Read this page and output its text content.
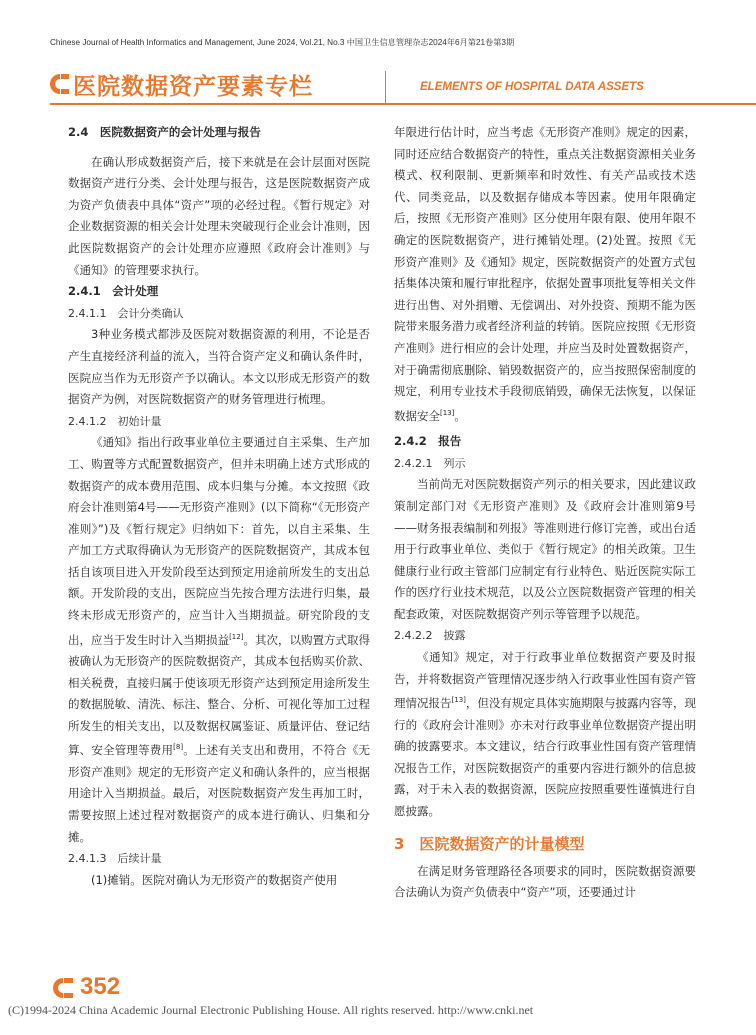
Chinese Journal of Health Informatics and Management, June 2024, Vol.21, No.3 中国卫生信息管理杂志2024年6月第21卷第3期
医院数据资产要素专栏	ELEMENTS OF HOSPITAL DATA ASSETS

2.4　医院数据资产的会计处理与报告

在确认形成数据资产后，接下来就是在会计层面对医院数据资产进行分类、会计处理与报告，这是医院数据资产成为资产负债表中具体“资产”项的必经过程。《暂行规定》对企业数据资源的相关会计处理未突破现行企业会计准则，因此医院数据资产的会计处理亦应遵照《政府会计准则》与《通知》的管理要求执行。

2.4.1　会计处理

2.4.1.1　会计分类确认

3种业务模式都涉及医院对数据资源的利用，不论是否产生直接经济利益的流入，当符合资产定义和确认条件时，医院应当作为无形资产予以确认。本文以形成无形资产的数据资产为例，对医院数据资产的财务管理进行梳理。

2.4.1.2　初始计量

《通知》指出行政事业单位主要通过自主采集、生产加工、购置等方式配置数据资产，但并未明确上述方式形成的数据资产的成本费用范围、成本归集与分摊。本文按照《政府会计准则第4号——无形资产准则》(以下简称“《无形资产准则》”)及《暂行规定》归纳如下：首先，以自主采集、生产加工方式取得确认为无形资产的医院数据资产，其成本包括自该项目进入开发阶段至达到预定用途前所发生的支出总额。开发阶段的支出，医院应当先按合理方法进行归集，最终未形成无形资产的，应当计入当期损益。研究阶段的支出，应当于发生时计入当期损益[12]。其次，以购置方式取得被确认为无形资产的医院数据资产，其成本包括购买价款、相关税费，直接归属于使该项无形资产达到预定用途所发生的数据脱敏、清洗、标注、整合、分析、可视化等加工过程所发生的相关支出，以及数据权属鉴证、质量评估、登记结算、安全管理等费用[8]。上述有关支出和费用，不符合《无形资产准则》规定的无形资产定义和确认条件的，应当根据用途计入当期损益。最后，对医院数据资产发生再加工时，需要按照上述过程对数据资产的成本进行确认、归集和分摊。

2.4.1.3　后续计量

(1)摊销。医院对确认为无形资产的数据资产使用

年限进行估计时，应当考虑《无形资产准则》规定的因素，同时还应结合数据资产的特性，重点关注数据资源相关业务模式、权利限制、更新频率和时效性、有关产品或技术迭代、同类竞品，以及数据存储成本等因素。使用年限确定后，按照《无形资产准则》区分使用年限有限、使用年限不确定的医院数据资产，进行摊销处理。(2)处置。按照《无形资产准则》及《通知》规定，医院数据资产的处置方式包括集体决策和履行审批程序，依据处置事项批复等相关文件进行出售、对外捐赠、无偿调出、对外投资、预期不能为医院带来服务潜力或者经济利益的转销。医院应按照《无形资产准则》进行相应的会计处理，并应当及时处置数据资产，对于确需彻底删除、销毁数据资产的，应当按照保密制度的规定，利用专业技术手段彻底销毁，确保无法恢复，以保证数据安全[13]。

2.4.2　报告

2.4.2.1　列示

当前尚无对医院数据资产列示的相关要求，因此建议政策制定部门对《无形资产准则》及《政府会计准则第9号——财务报表编制和列报》等准则进行修订完善，或出台适用于行政事业单位、类似于《暂行规定》的相关政策。卫生健康行业行政主管部门应制定有行业特色、贴近医院实际工作的医疗行业技术规范，以及公立医院数据资产管理的相关配套政策，对医院数据资产列示等管理予以规范。

2.4.2.2　披露

《通知》规定，对于行政事业单位数据资产要及时报告，并将数据资产管理情况逐步纳入行政事业性国有资产管理情况报告[13]，但没有规定具体实施期限与披露内容等，现行的《政府会计准则》亦未对行政事业单位数据资产提出明确的披露要求。本文建议，结合行政事业性国有资产管理情况报告工作，对医院数据资产的重要内容进行额外的信息披露，对于未入表的数据资源，医院应按照重要性谨慎进行自愿披露。

3　医院数据资产的计量模型

在满足财务管理路径各项要求的同时，医院数据资源要合法确认为资产负债表中“资产”项，还要通过计

352
(C)1994-2024 China Academic Journal Electronic Publishing House. All rights reserved. http://www.cnki.net
